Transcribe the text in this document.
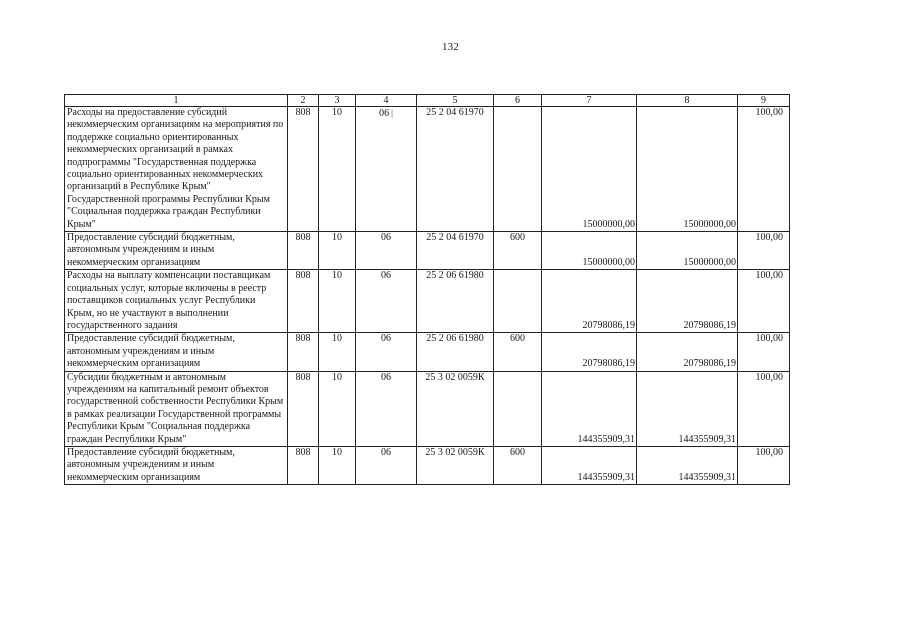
132
1	2	3	4	5	6	7	8	9
Расходы на предоставление субсидий некоммерческим организациям на мероприятия по поддержке социально ориентированных некоммерческих организаций в рамках подпрограммы "Государственная поддержка социально ориентированных некоммерческих организаций в Республике Крым" Государственной программы Республики Крым "Социальная поддержка граждан Республики Крым"	808	10	06 |	25 2 04 61970		15000000,00	15000000,00	100,00
Предоставление субсидий бюджетным, автономным учреждениям и иным некоммерческим организациям	808	10	06	25 2 04 61970	600	15000000,00	15000000,00	100,00
Расходы на выплату компенсации поставщикам социальных услуг, которые включены в реестр поставщиков социальных услуг Республики Крым, но не участвуют в выполнении государственного задания	808	10	06	25 2 06 61980		20798086,19	20798086,19	100,00
Предоставление субсидий бюджетным, автономным учреждениям и иным некоммерческим организациям	808	10	06	25 2 06 61980	600	20798086,19	20798086,19	100,00
Субсидии бюджетным и автономным учреждениям на капитальный ремонт объектов государственной собственности Республики Крым в рамках реализации Государственной программы Республики Крым "Социальная поддержка граждан Республики Крым"	808	10	06	25 3 02 0059К		144355909,31	144355909,31	100,00
Предоставление субсидий бюджетным, автономным учреждениям и иным некоммерческим организациям	808	10	06	25 3 02 0059К	600	144355909,31	144355909,31	100,00
